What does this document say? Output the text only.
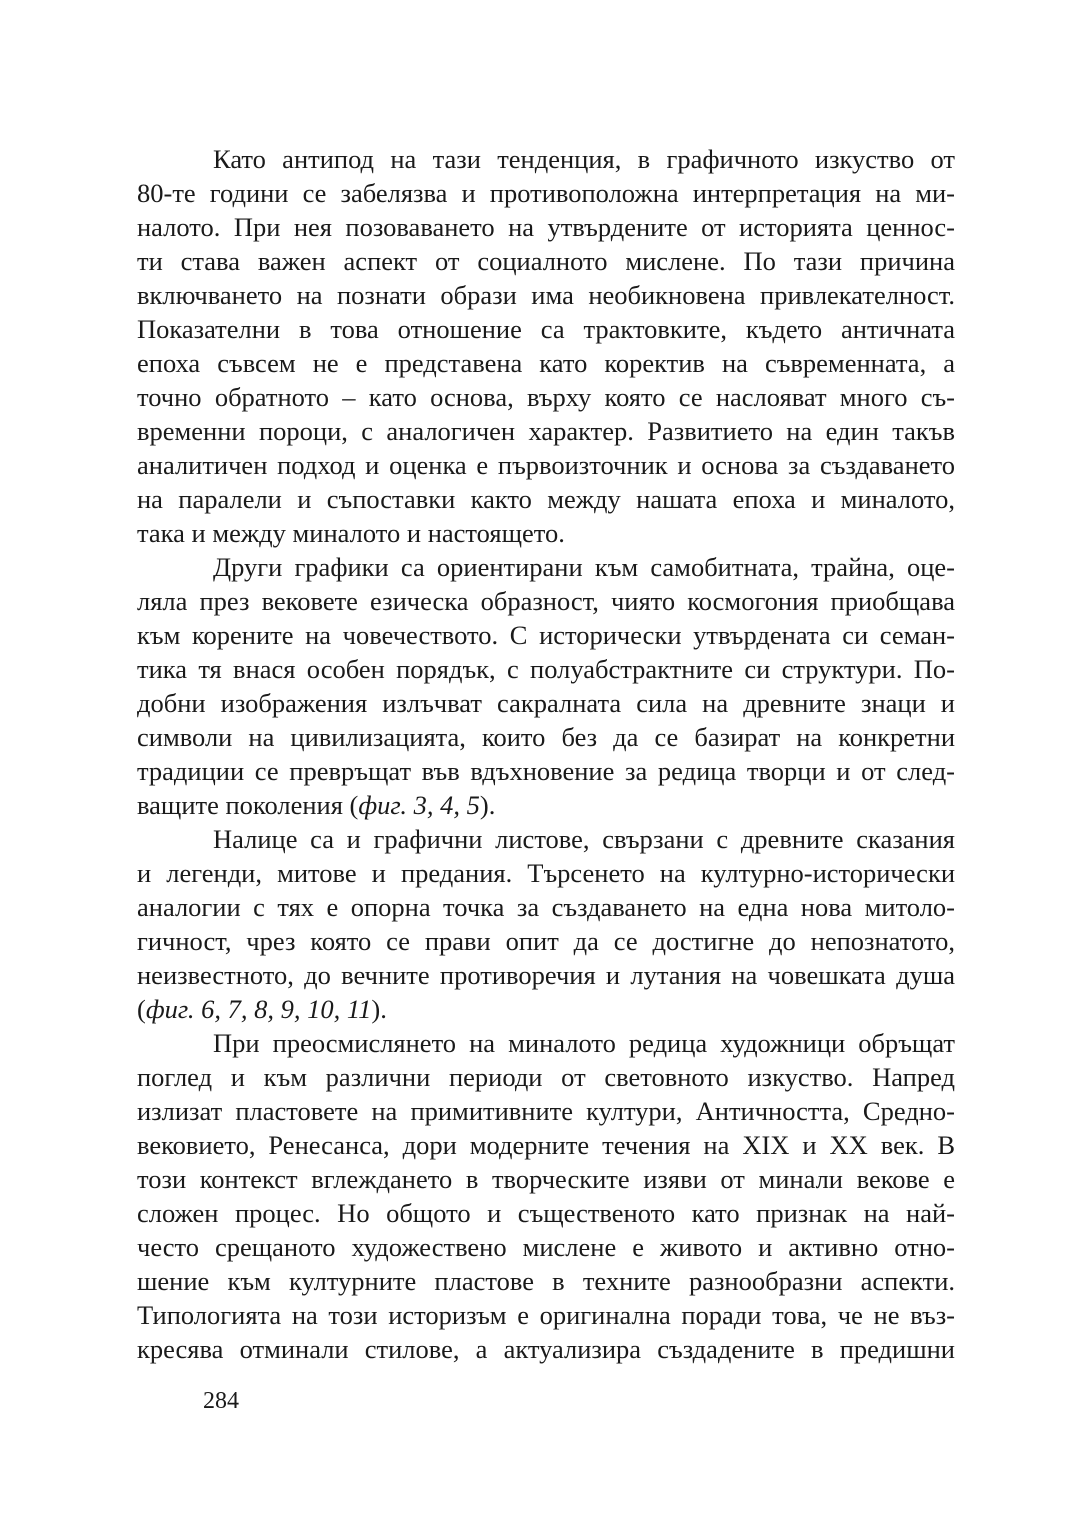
Като антипод на тази тенденция, в графичното изкуство от
80-те години се забелязва и противоположна интерпретация на ми-
налото. При нея позоваването на утвърдените от историята ценнос-
ти става важен аспект от социалното мислене. По тази причина
включването на познати образи има необикновена привлекателност.
Показателни в това отношение са трактовките, където античната
епоха съвсем не е представена като коректив на съвременната, а
точно обратното – като основа, върху която се наслояват много съ-
временни пороци, с аналогичен характер. Развитието на един такъв
аналитичен подход и оценка е първоизточник и основа за създаването
на паралели и съпоставки както между нашата епоха и миналото,
така и между миналото и настоящето.
Други графики са ориентирани към самобитната, трайна, оце-
ляла през вековете езическа образност, чиято космогония приобщава
към корените на човечеството. С исторически утвърдената си семан-
тика тя внася особен порядък, с полуабстрактните си структури. По-
добни изображения излъчват сакралната сила на древните знаци и
символи на цивилизацията, които без да се базират на конкретни
традиции се превръщат във вдъхновение за редица творци и от след-
ващите поколения (фиг. 3, 4, 5).
Налице са и графични листове, свързани с древните сказания
и легенди, митове и предания. Търсенето на културно-исторически
аналогии с тях е опорна точка за създаването на една нова митоло-
гичност, чрез която се прави опит да се достигне до непознатото,
неизвестното, до вечните противоречия и лутания на човешката душа
(фиг. 6, 7, 8, 9, 10, 11).
При преосмислянето на миналото редица художници обръщат
поглед и към различни периоди от световното изкуство. Напред
излизат пластовете на примитивните култури, Античността, Средно-
вековието, Ренесанса, дори модерните течения на XIX и XX век. В
този контекст вглеждането в творческите изяви от минали векове е
сложен процес. Но общото и същественото като признак на най-
често срещаното художествено мислене е живото и активно отно-
шение към културните пластове в техните разнообразни аспекти.
Типологията на този историзъм е оригинална поради това, че не въз-
кресява отминали стилове, а актуализира създадените в предишни
284
